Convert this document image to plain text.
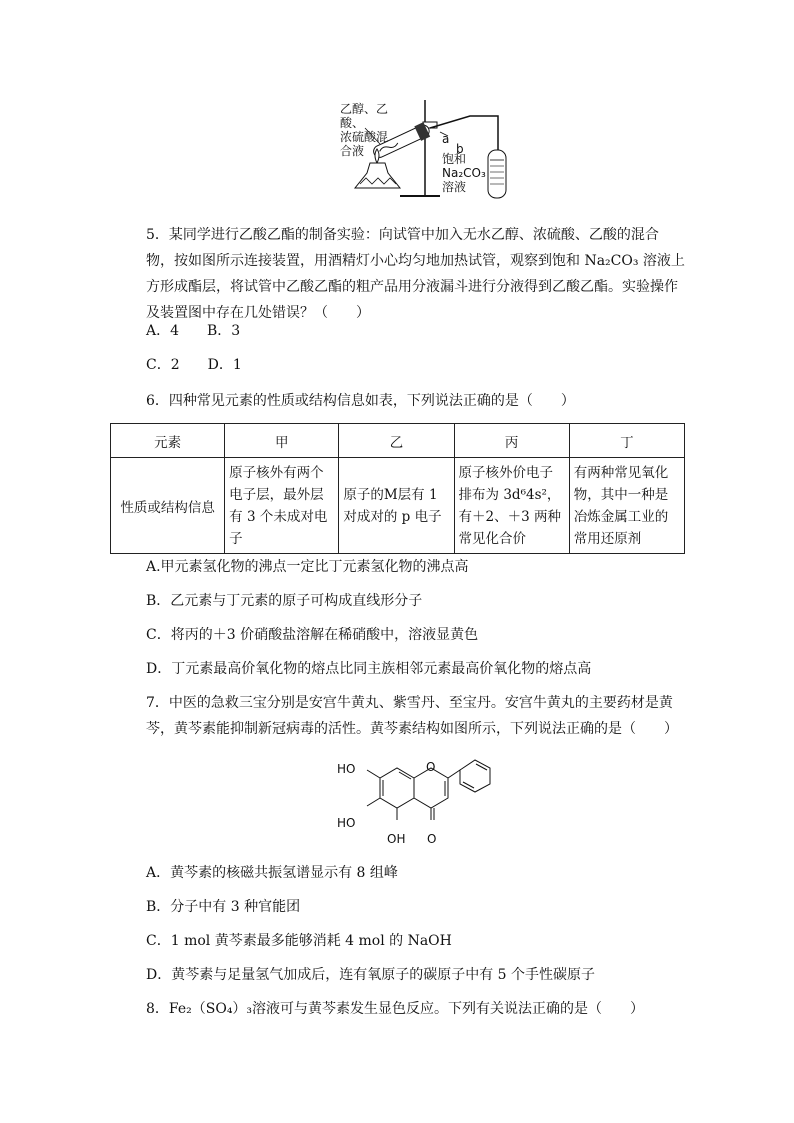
乙醇、乙酸、
浓硫酸混
合液
a
b
饱和
Na₂CO₃
溶液
5．某同学进行乙酸乙酯的制备实验：向试管中加入无水乙醇、浓硫酸、乙酸的混合物，按如图所示连接装置，用酒精灯小心均匀地加热试管，观察到饱和 Na₂CO₃ 溶液上方形成酯层，将试管中乙酸乙酯的粗产品用分液漏斗进行分液得到乙酸乙酯。实验操作及装置图中存在几处错误？（　　）
A．4　　B．3
C．2　　D．1
6．四种常见元素的性质或结构信息如表，下列说法正确的是（　　）
元素	甲	乙	丙	丁
性质或结构信息	原子核外有两个电子层，最外层有 3 个未成对电子	原子的M层有 1 对成对的 p 电子	原子核外价电子排布为 3d⁶4s²，有＋2、＋3 两种常见化合价	有两种常见氧化物，其中一种是冶炼金属工业的常用还原剂
A.甲元素氢化物的沸点一定比丁元素氢化物的沸点高
B．乙元素与丁元素的原子可构成直线形分子
C．将丙的＋3 价硝酸盐溶解在稀硝酸中，溶液显黄色
D．丁元素最高价氧化物的熔点比同主族相邻元素最高价氧化物的熔点高
7．中医的急救三宝分别是安宫牛黄丸、紫雪丹、至宝丹。安宫牛黄丸的主要药材是黄芩，黄芩素能抑制新冠病毒的活性。黄芩素结构如图所示，下列说法正确的是（　　）
HO
HO
OH
O
O
A．黄芩素的核磁共振氢谱显示有 8 组峰
B．分子中有 3 种官能团
C．1 mol 黄芩素最多能够消耗 4 mol 的 NaOH
D．黄芩素与足量氢气加成后，连有氧原子的碳原子中有 5 个手性碳原子
8．Fe₂（SO₄）₃溶液可与黄芩素发生显色反应。下列有关说法正确的是（　　）
